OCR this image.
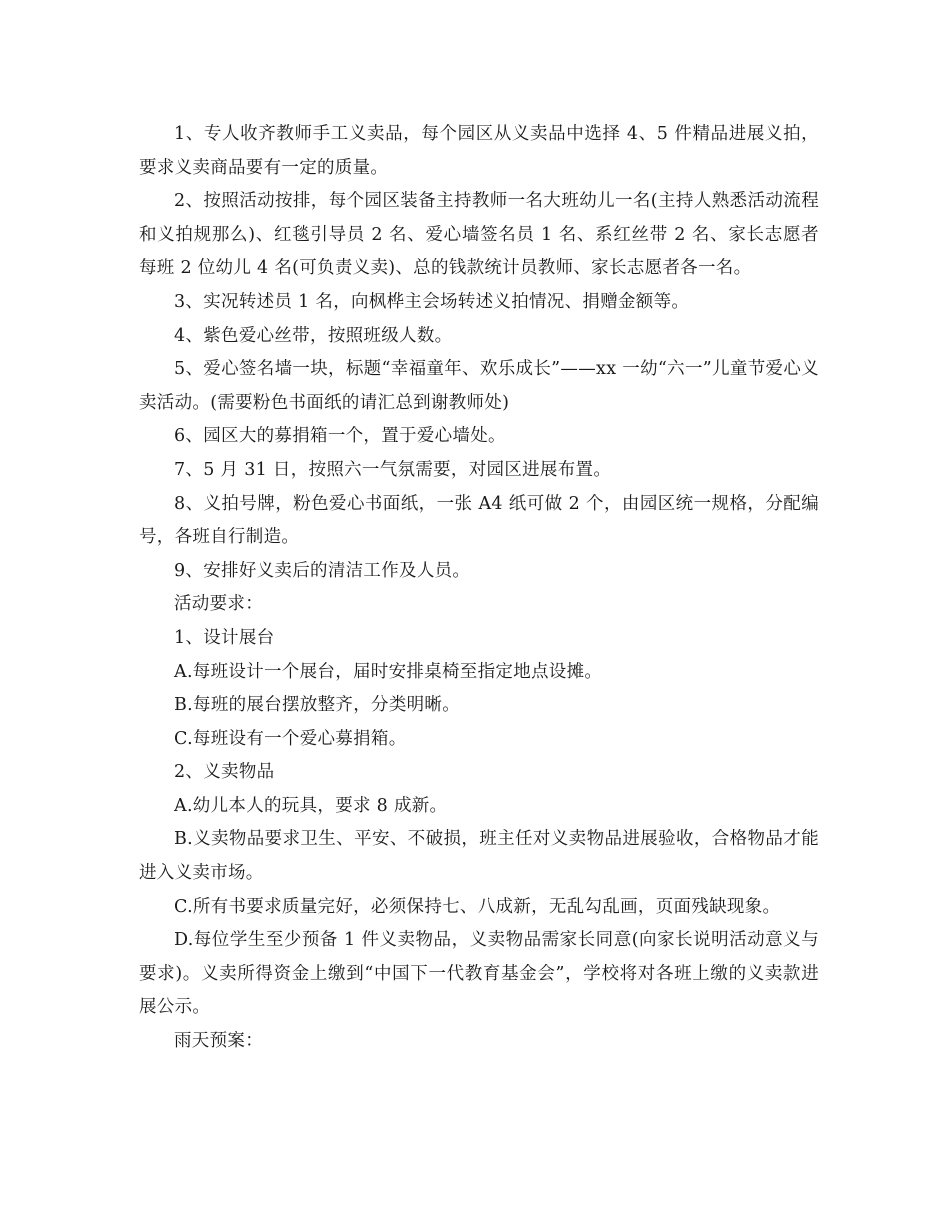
1、专人收齐教师手工义卖品，每个园区从义卖品中选择 4、5 件精品进展义拍，要求义卖商品要有一定的质量。

2、按照活动按排，每个园区装备主持教师一名大班幼儿一名(主持人熟悉活动流程和义拍规那么)、红毯引导员 2 名、爱心墙签名员 1 名、系红丝带 2 名、家长志愿者每班 2 位幼儿 4 名(可负责义卖)、总的钱款统计员教师、家长志愿者各一名。

3、实况转述员 1 名，向枫桦主会场转述义拍情况、捐赠金额等。

4、紫色爱心丝带，按照班级人数。

5、爱心签名墙一块，标题“幸福童年、欢乐成长”——xx 一幼“六一”儿童节爱心义卖活动。(需要粉色书面纸的请汇总到谢教师处)

6、园区大的募捐箱一个，置于爱心墙处。

7、5 月 31 日，按照六一气氛需要，对园区进展布置。

8、义拍号牌，粉色爱心书面纸，一张 A4 纸可做 2 个，由园区统一规格，分配编号，各班自行制造。

9、安排好义卖后的清洁工作及人员。

活动要求：

1、设计展台

A.每班设计一个展台，届时安排桌椅至指定地点设摊。

B.每班的展台摆放整齐，分类明晰。

C.每班设有一个爱心募捐箱。

2、义卖物品

A.幼儿本人的玩具，要求 8 成新。

B.义卖物品要求卫生、平安、不破损，班主任对义卖物品进展验收，合格物品才能进入义卖市场。

C.所有书要求质量完好，必须保持七、八成新，无乱勾乱画，页面残缺现象。

D.每位学生至少预备 1 件义卖物品，义卖物品需家长同意(向家长说明活动意义与要求)。义卖所得资金上缴到“中国下一代教育基金会”，学校将对各班上缴的义卖款进展公示。

雨天预案：
